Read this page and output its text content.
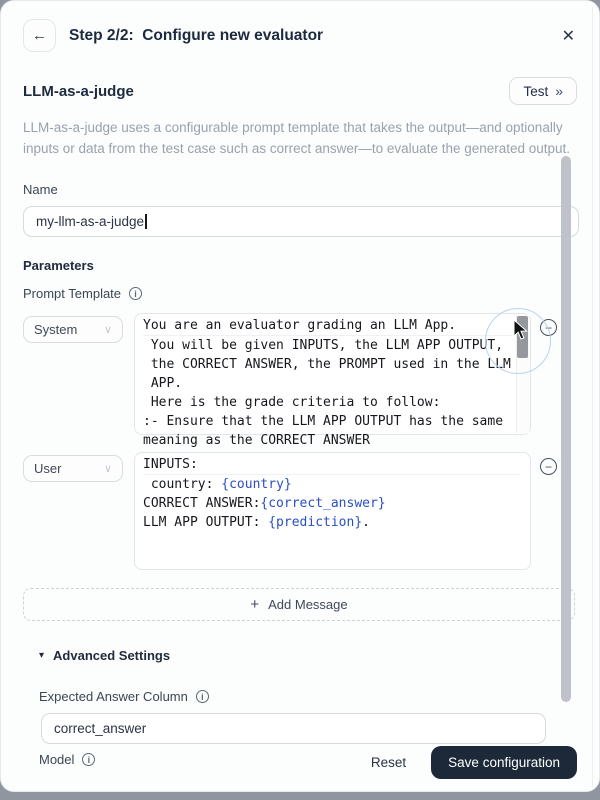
← Step 2/2:  Configure new evaluator	✕
LLM-as-a-judge	Test »
LLM-as-a-judge uses a configurable prompt template that takes the output—and optionally inputs or data from the test case such as correct answer—to evaluate the generated output.
Name
my-llm-as-a-judge
Parameters
Prompt Template	i
System ∨ You are an evaluator grading an LLM App.
You will be given INPUTS, the LLM APP OUTPUT,
the CORRECT ANSWER, the PROMPT used in the LLM
APP.
Here is the grade criteria to follow:
:- Ensure that the LLM APP OUTPUT has the same
meaning as the CORRECT ANSWER
−
User	∨ INPUTS:
country: {country}
CORRECT ANSWER:{correct_answer}
LLM APP OUTPUT: {prediction}.
−
+ Add Message
▾ Advanced Settings
Expected Answer Column	i
correct_answer
Model	i	Reset	Save configuration
